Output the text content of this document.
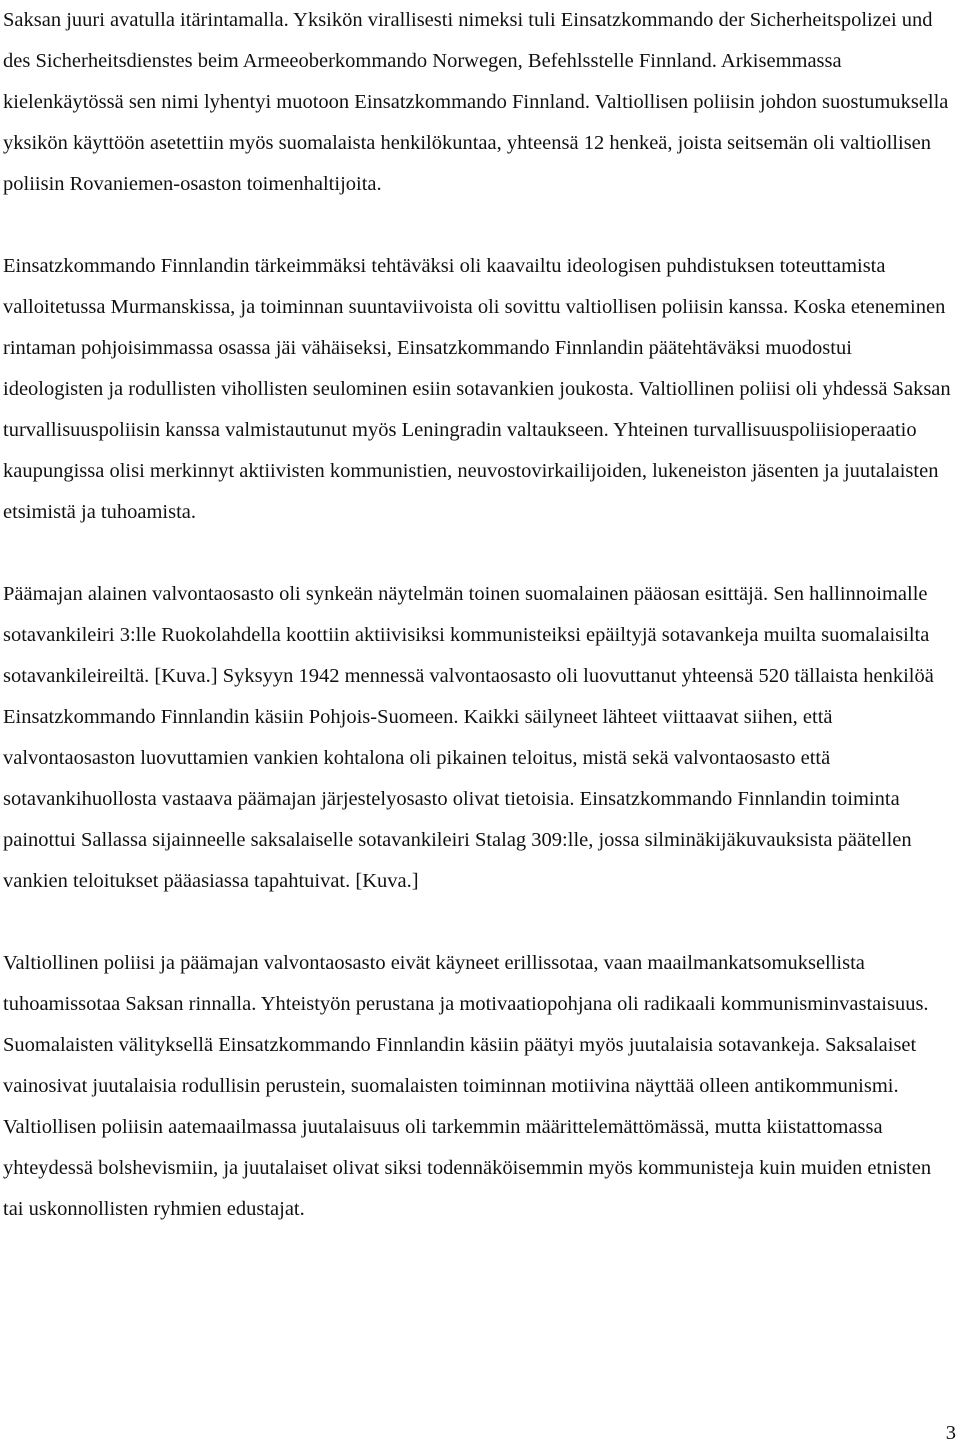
Saksan juuri avatulla itärintamalla. Yksikön virallisesti nimeksi tuli Einsatzkommando der Sicherheitspolizei und des Sicherheitsdienstes beim Armeeoberkommando Norwegen, Befehlsstelle Finnland. Arkisemmassa kielenkäytössä sen nimi lyhentyi muotoon Einsatzkommando Finnland. Valtiollisen poliisin johdon suostumuksella yksikön käyttöön asetettiin myös suomalaista henkilökuntaa, yhteensä 12 henkeä, joista seitsemän oli valtiollisen poliisin Rovaniemen-osaston toimenhaltijoita.

Einsatzkommando Finnlandin tärkeimmäksi tehtäväksi oli kaavailtu ideologisen puhdistuksen toteuttamista valloitetussa Murmanskissa, ja toiminnan suuntaviivoista oli sovittu valtiollisen poliisin kanssa. Koska eteneminen rintaman pohjoisimmassa osassa jäi vähäiseksi, Einsatzkommando Finnlandin päätehtäväksi muodostui ideologisten ja rodullisten vihollisten seulominen esiin sotavankien joukosta. Valtiollinen poliisi oli yhdessä Saksan turvallisuuspoliisin kanssa valmistautunut myös Leningradin valtaukseen. Yhteinen turvallisuuspoliisioperaatio kaupungissa olisi merkinnyt aktiivisten kommunistien, neuvostovirkailijoiden, lukeneiston jäsenten ja juutalaisten etsimistä ja tuhoamista.

Päämajan alainen valvontaosasto oli synkeän näytelmän toinen suomalainen pääosan esittäjä. Sen hallinnoimalle sotavankileiri 3:lle Ruokolahdella koottiin aktiivisiksi kommunisteiksi epäiltyjä sotavankeja muilta suomalaisilta sotavankileireiltä. [Kuva.] Syksyyn 1942 mennessä valvontaosasto oli luovuttanut yhteensä 520 tällaista henkilöä Einsatzkommando Finnlandin käsiin Pohjois-Suomeen. Kaikki säilyneet lähteet viittaavat siihen, että valvontaosaston luovuttamien vankien kohtalona oli pikainen teloitus, mistä sekä valvontaosasto että sotavankihuollosta vastaava päämajan järjestelyosasto olivat tietoisia. Einsatzkommando Finnlandin toiminta painottui Sallassa sijainneelle saksalaiselle sotavankileiri Stalag 309:lle, jossa silminäkijäkuvauksista päätellen vankien teloitukset pääasiassa tapahtuivat. [Kuva.]

Valtiollinen poliisi ja päämajan valvontaosasto eivät käyneet erillissotaa, vaan maailmankatsomuksellista tuhoamissotaa Saksan rinnalla. Yhteistyön perustana ja motivaatiopohjana oli radikaali kommunisminvastaisuus. Suomalaisten välityksellä Einsatzkommando Finnlandin käsiin päätyi myös juutalaisia sotavankeja. Saksalaiset vainosivat juutalaisia rodullisin perustein, suomalaisten toiminnan motiivina näyttää olleen antikommunismi. Valtiollisen poliisin aatemaailmassa juutalaisuus oli tarkemmin määrittelemättömässä, mutta kiistattomassa yhteydessä bolshevismiin, ja juutalaiset olivat siksi todennäköisemmin myös kommunisteja kuin muiden etnisten tai uskonnollisten ryhmien edustajat.

3
